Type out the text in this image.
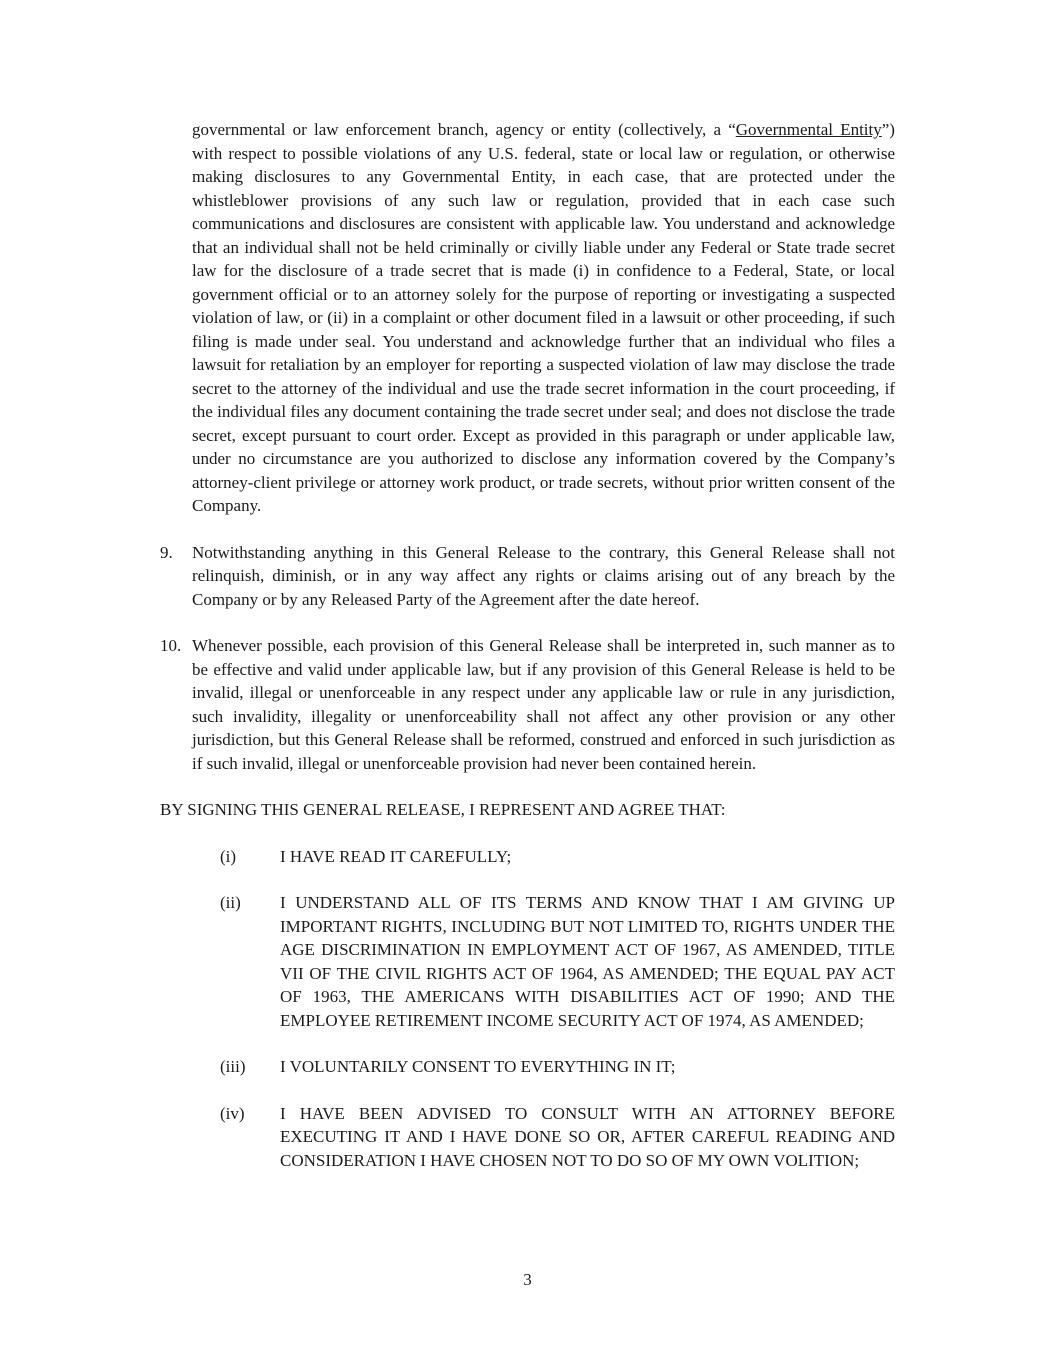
governmental or law enforcement branch, agency or entity (collectively, a “Governmental Entity”) with respect to possible violations of any U.S. federal, state or local law or regulation, or otherwise making disclosures to any Governmental Entity, in each case, that are protected under the whistleblower provisions of any such law or regulation, provided that in each case such communications and disclosures are consistent with applicable law. You understand and acknowledge that an individual shall not be held criminally or civilly liable under any Federal or State trade secret law for the disclosure of a trade secret that is made (i) in confidence to a Federal, State, or local government official or to an attorney solely for the purpose of reporting or investigating a suspected violation of law, or (ii) in a complaint or other document filed in a lawsuit or other proceeding, if such filing is made under seal. You understand and acknowledge further that an individual who files a lawsuit for retaliation by an employer for reporting a suspected violation of law may disclose the trade secret to the attorney of the individual and use the trade secret information in the court proceeding, if the individual files any document containing the trade secret under seal; and does not disclose the trade secret, except pursuant to court order. Except as provided in this paragraph or under applicable law, under no circumstance are you authorized to disclose any information covered by the Company’s attorney-client privilege or attorney work product, or trade secrets, without prior written consent of the Company.

9.	Notwithstanding anything in this General Release to the contrary, this General Release shall not relinquish, diminish, or in any way affect any rights or claims arising out of any breach by the Company or by any Released Party of the Agreement after the date hereof.

10. Whenever possible, each provision of this General Release shall be interpreted in, such manner as to be effective and valid under applicable law, but if any provision of this General Release is held to be invalid, illegal or unenforceable in any respect under any applicable law or rule in any jurisdiction, such invalidity, illegality or unenforceability shall not affect any other provision or any other jurisdiction, but this General Release shall be reformed, construed and enforced in such jurisdiction as if such invalid, illegal or unenforceable provision had never been contained herein.

BY SIGNING THIS GENERAL RELEASE, I REPRESENT AND AGREE THAT:

(i)	I HAVE READ IT CAREFULLY;

(ii)	I UNDERSTAND ALL OF ITS TERMS AND KNOW THAT I AM GIVING UP IMPORTANT RIGHTS, INCLUDING BUT NOT LIMITED TO, RIGHTS UNDER THE AGE DISCRIMINATION IN EMPLOYMENT ACT OF 1967, AS AMENDED, TITLE VII OF THE CIVIL RIGHTS ACT OF 1964, AS AMENDED; THE EQUAL PAY ACT OF 1963, THE AMERICANS WITH DISABILITIES ACT OF 1990; AND THE EMPLOYEE RETIREMENT INCOME SECURITY ACT OF 1974, AS AMENDED;

(iii)	I VOLUNTARILY CONSENT TO EVERYTHING IN IT;

(iv)	I HAVE BEEN ADVISED TO CONSULT WITH AN ATTORNEY BEFORE EXECUTING IT AND I HAVE DONE SO OR, AFTER CAREFUL READING AND CONSIDERATION I HAVE CHOSEN NOT TO DO SO OF MY OWN VOLITION;

3
